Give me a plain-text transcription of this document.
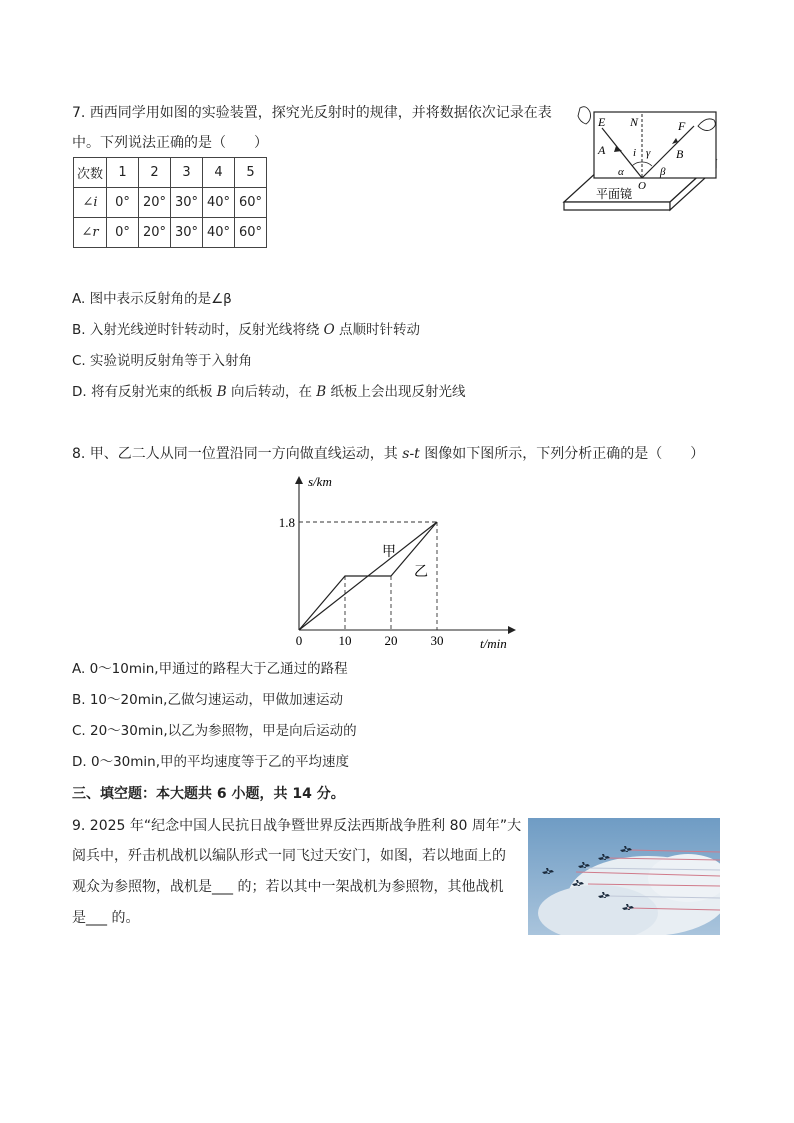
7. 西西同学用如图的实验装置，探究光反射时的规律，并将数据依次记录在表
中。下列说法正确的是（　　）
次数	1	2	3	4	5
∠i	0°	20°	30°	40°	60°
∠r	0°	20°	30°	40°	60°
E N	F
A	B
i γ
α	β
O
平面镜
A. 图中表示反射角的是∠β
B. 入射光线逆时针转动时，反射光线将绕 O 点顺时针转动
C. 实验说明反射角等于入射角
D. 将有反射光束的纸板 B 向后转动，在 B 纸板上会出现反射光线
8. 甲、乙二人从同一位置沿同一方向做直线运动，其 s-t 图像如下图所示，下列分析正确的是（　　）
s/km
t/min
甲
乙
0	10	20	30
1.8
A. 0～10min,甲通过的路程大于乙通过的路程
B. 10～20min,乙做匀速运动，甲做加速运动
C. 20～30min,以乙为参照物，甲是向后运动的
D. 0～30min,甲的平均速度等于乙的平均速度
三、填空题：本大题共 6 小题，共 14 分。
9. 2025 年“纪念中国人民抗日战争暨世界反法西斯战争胜利 80 周年”大
阅兵中，歼击机战机以编队形式一同飞过天安门，如图，若以地面上的
观众为参照物，战机是___ 的；若以其中一架战机为参照物，其他战机
是___ 的。
